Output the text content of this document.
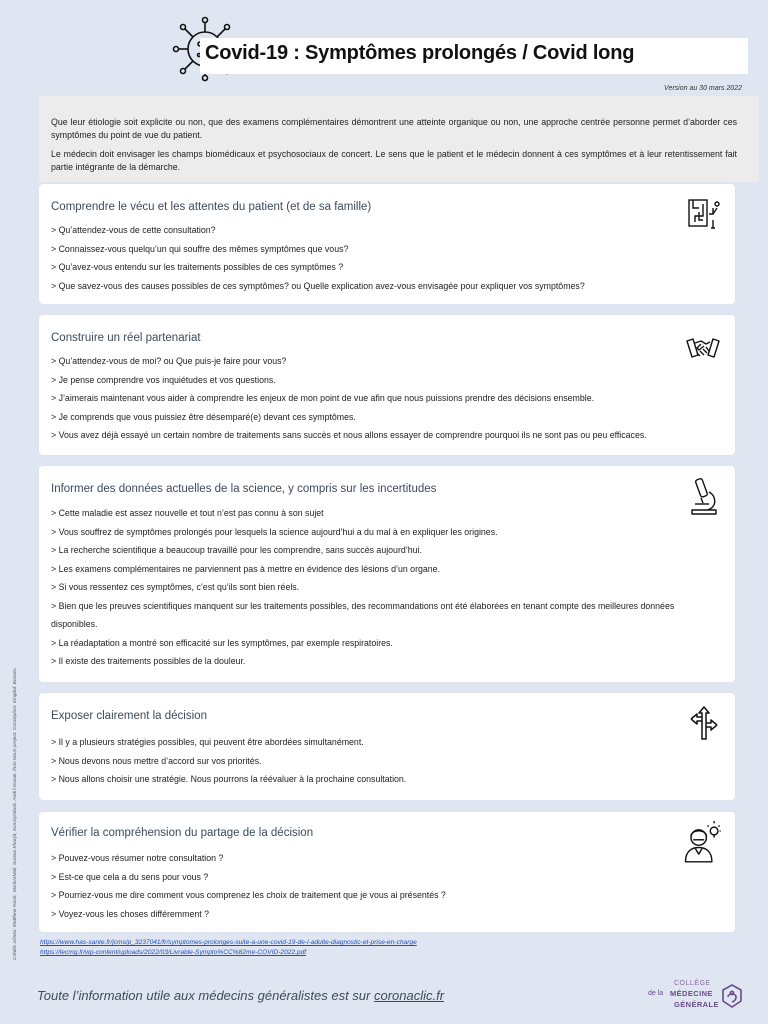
Covid-19 : Symptômes prolongés / Covid long
Version au 30 mars 2022

Que leur étiologie soit explicite ou non, que des examens complémentaires démontrent une atteinte organique ou non, une approche centrée personne permet d’aborder ces symptômes du point de vue du patient.

Le médecin doit envisager les champs biomédicaux et psychosociaux de concert. Le sens que le patient et le médecin donnent à ces symptômes et à leur retentissement fait partie intégrante de la démarche.

Comprendre le vécu et les attentes du patient (et de sa famille)
> Qu’attendez-vous de cette consultation?
> Connaissez-vous quelqu’un qui souffre des mêmes symptômes que vous?
> Qu’avez-vous entendu sur les traitements possibles de ces symptômes ?
> Que savez-vous des causes possibles de ces symptômes? ou Quelle explication avez-vous envisagée pour expliquer vos symptômes?
Construire un réel partenariat
> Qu’attendez-vous de moi? ou Que puis-je faire pour vous?
> Je pense comprendre vos inquiétudes et vos questions.
> J’aimerais maintenant vous aider à comprendre les enjeux de mon point de vue afin que nous puissions prendre des décisions ensemble.
> Je comprends que vous puissiez être désemparé(e) devant ces symptômes.
> Vous avez déjà essayé un certain nombre de traitements sans succès et nous allons essayer de comprendre pourquoi ils ne sont pas ou peu efficaces.
Informer des données actuelles de la science, y compris sur les incertitudes
> Cette maladie est assez nouvelle et tout n’est pas connu à son sujet
> Vous souffrez de symptômes prolongés pour lesquels la science aujourd’hui a du mal à en expliquer les origines.
> La recherche scientifique a beaucoup travaillé pour les comprendre, sans succès aujourd’hui.
> Les examens complémentaires ne parviennent pas à mettre en évidence des lésions d’un organe.
> Si vous ressentez ces symptômes, c’est qu’ils sont bien réels.
> Bien que les preuves scientifiques manquent sur les traitements possibles, des recommandations ont été élaborées en tenant compte des meilleures données
disponibles.
> La réadaptation a montré son efficacité sur les symptômes, par exemple respiratoires.
> Il existe des traitements possibles de la douleur.
Exposer clairement la décision
> Il y a plusieurs stratégies possibles, qui peuvent être abordées simultanément.
> Nous devons nous mettre d’accord sur vos priorités.
> Nous allons choisir une stratégie. Nous pourrons la réévaluer à la prochaine consultation.
Vérifier la compréhension du partage de la décision
> Pouvez-vous résumer notre consultation ?
> Est-ce que cela a du sens pour vous ?
> Pourriez-vous me dire comment vous comprenez les choix de traitement que je vous ai présentés ?
> Voyez-vous les choses différemment ?
https://www.has-sante.fr/jcms/p_3237041/fr/symptomes-prolonges-suite-a-une-covid-19-de-l-adulte-diagnostic-et-prise-en-charge
https://lecmg.fr/wp-content/uploads/2022/03/Livrable-Sympto%CC%82me-COVID-2022.pdf

Toute l’information utile aux médecins généralistes est sur coronaclic.fr

COLLÈGE
de la MÉDECINE
GÉNÉRALE
Crédits icônes: Matthew Yoork, VectorsMall, Sureas Khanjit, SumSymbols, Andrii Kozak, from Noun project. Conception: Kingdaf, Bosses.
